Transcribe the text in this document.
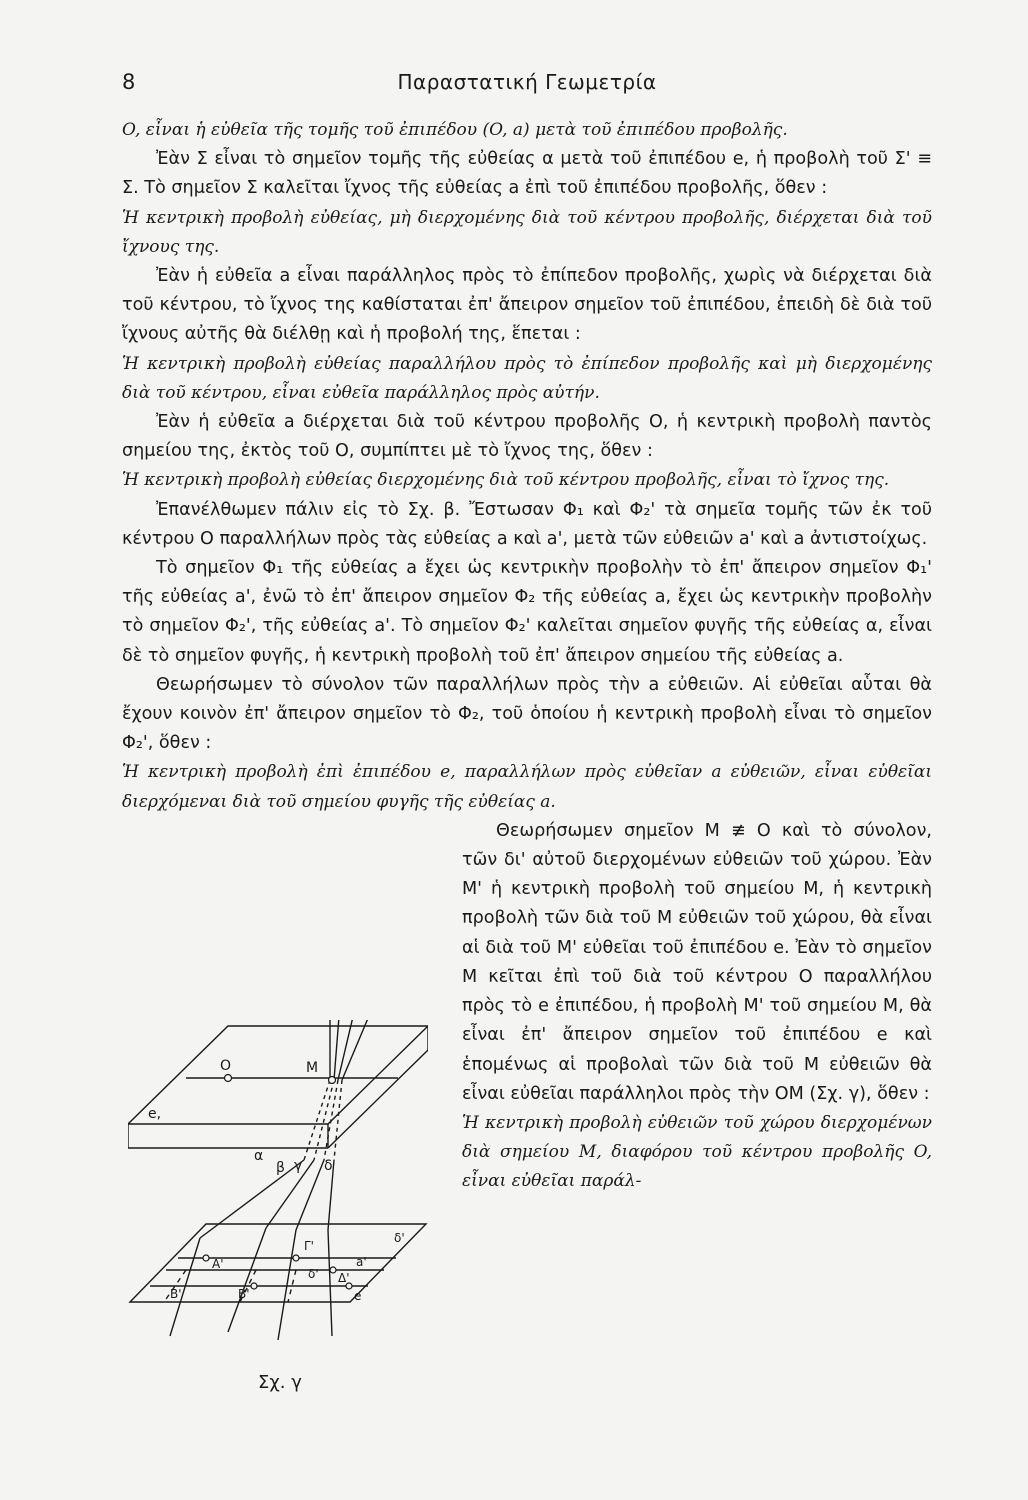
8	Παραστατική Γεωμετρία

O, εἶναι ἡ εὐθεῖα τῆς τομῆς τοῦ ἐπιπέδου (O, a) μετὰ τοῦ ἐπιπέδου προβολῆς.

Ἐὰν Σ εἶναι τὸ σημεῖον τομῆς τῆς εὐθείας α μετὰ τοῦ ἐπιπέδου e, ἡ προβολὴ τοῦ Σ' ≡ Σ. Τὸ σημεῖον Σ καλεῖται ἴχνος τῆς εὐθείας a ἐπὶ τοῦ ἐπιπέδου προβολῆς, ὅθεν :

Ἡ κεντρικὴ προβολὴ εὐθείας, μὴ διερχομένης διὰ τοῦ κέντρου προβολῆς, διέρχεται διὰ τοῦ ἴχνους της.

Ἐὰν ἡ εὐθεῖα a εἶναι παράλληλος πρὸς τὸ ἐπίπεδον προβολῆς, χωρὶς νὰ διέρχεται διὰ τοῦ κέντρου, τὸ ἴχνος της καθίσταται ἐπ' ἄπειρον σημεῖον τοῦ ἐπιπέδου, ἐπειδὴ δὲ διὰ τοῦ ἴχνους αὐτῆς θὰ διέλθῃ καὶ ἡ προβολή της, ἕπεται :

Ἡ κεντρικὴ προβολὴ εὐθείας παραλλήλου πρὸς τὸ ἐπίπεδον προβολῆς καὶ μὴ διερχομένης διὰ τοῦ κέντρου, εἶναι εὐθεῖα παράλληλος πρὸς αὐτήν.

Ἐὰν ἡ εὐθεῖα a διέρχεται διὰ τοῦ κέντρου προβολῆς O, ἡ κεντρικὴ προβολὴ παντὸς σημείου της, ἐκτὸς τοῦ O, συμπίπτει μὲ τὸ ἴχνος της, ὅθεν :

Ἡ κεντρικὴ προβολὴ εὐθείας διερχομένης διὰ τοῦ κέντρου προβολῆς, εἶναι τὸ ἴχνος της.

Ἐπανέλθωμεν πάλιν εἰς τὸ Σχ. β. Ἔστωσαν Φ₁ καὶ Φ₂' τὰ σημεῖα τομῆς τῶν ἐκ τοῦ κέντρου O παραλλήλων πρὸς τὰς εὐθείας a καὶ a', μετὰ τῶν εὐθειῶν a' καὶ a ἀντιστοίχως.

Τὸ σημεῖον Φ₁ τῆς εὐθείας a ἔχει ὡς κεντρικὴν προβολὴν τὸ ἐπ' ἄπειρον σημεῖον Φ₁' τῆς εὐθείας a', ἐνῶ τὸ ἐπ' ἄπειρον σημεῖον Φ₂ τῆς εὐθείας a, ἔχει ὡς κεντρικὴν προβολὴν τὸ σημεῖον Φ₂', τῆς εὐθείας a'. Τὸ σημεῖον Φ₂' καλεῖται σημεῖον φυγῆς τῆς εὐθείας α, εἶναι δὲ τὸ σημεῖον φυγῆς, ἡ κεντρικὴ προβολὴ τοῦ ἐπ' ἄπειρον σημείου τῆς εὐθείας a.

Θεωρήσωμεν τὸ σύνολον τῶν παραλλήλων πρὸς τὴν a εὐθειῶν. Αἱ εὐθεῖαι αὗται θὰ ἔχουν κοινὸν ἐπ' ἄπειρον σημεῖον τὸ Φ₂, τοῦ ὁποίου ἡ κεντρικὴ προβολὴ εἶναι τὸ σημεῖον Φ₂', ὅθεν :

Ἡ κεντρικὴ προβολὴ ἐπὶ ἐπιπέδου e, παραλλήλων πρὸς εὐθεῖαν a εὐθειῶν, εἶναι εὐθεῖαι διερχόμεναι διὰ τοῦ σημείου φυγῆς τῆς εὐθείας a.

Θεωρήσωμεν σημεῖον M ≢ O καὶ τὸ σύνολον, τῶν δι' αὐτοῦ διερχομένων εὐθειῶν τοῦ χώρου. Ἐὰν M' ἡ κεντρικὴ προβολὴ τοῦ σημείου M, ἡ κεντρικὴ προβολὴ τῶν διὰ τοῦ M εὐθειῶν τοῦ χώρου, θὰ εἶναι αἱ διὰ τοῦ M' εὐθεῖαι τοῦ ἐπιπέδου e. Ἐὰν τὸ σημεῖον M κεῖται ἐπὶ τοῦ διὰ τοῦ κέντρου O παραλλήλου πρὸς τὸ e ἐπιπέδου, ἡ προβολὴ M' τοῦ σημείου M, θὰ εἶναι ἐπ' ἄπειρον σημεῖον τοῦ ἐπιπέδου e καὶ ἑπομένως αἱ προβολαὶ τῶν διὰ τοῦ M εὐθειῶν θὰ εἶναι εὐθεῖαι παράλληλοι πρὸς τὴν OM (Σχ. γ), ὅθεν :

Ἡ κεντρικὴ προβολὴ εὐθειῶν τοῦ χώρου διερχομένων διὰ σημείου M, διαφόρου τοῦ κέντρου προβολῆς O, εἶναι εὐθεῖαι παράλ-

O	M
e,
α
β γ δ
Γ'
δ'
a'
A'
δ' Δ'
B'	B'	e
Σχ. γ
